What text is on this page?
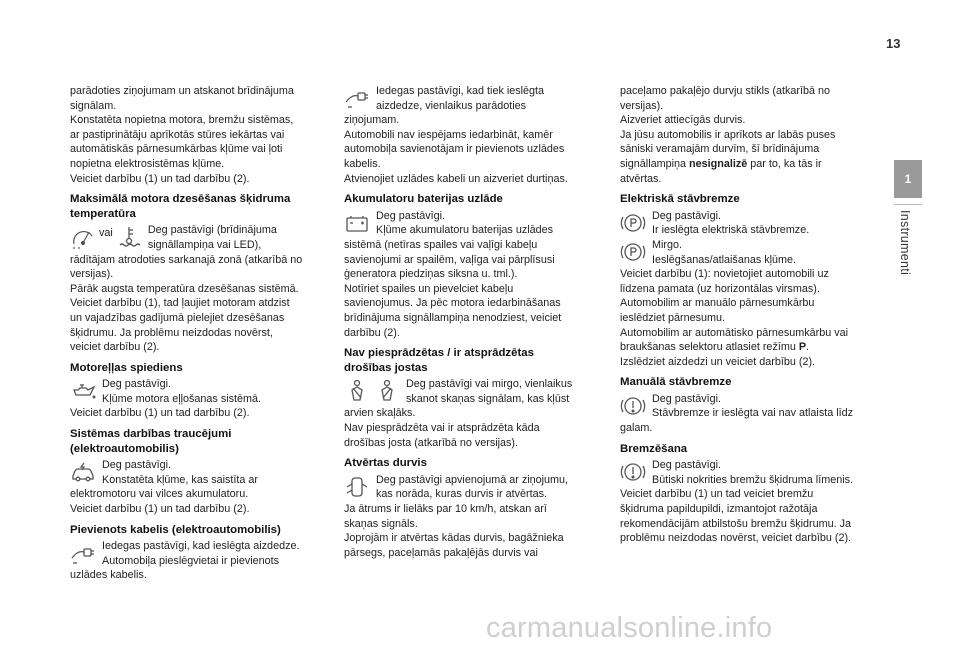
13
1
Instrumenti

parādoties ziņojumam un atskanot brīdinājuma
signālam.
Konstatēta nopietna motora, bremžu sistēmas,
ar pastiprinātāju aprīkotās stūres iekārtas vai
automātiskās pārnesumkārbas kļūme vai ļoti
nopietna elektrosistēmas kļūme.
Veiciet darbību (1) un tad darbību (2).

Maksimālā motora dzesēšanas šķidruma
temperatūra
vai	Deg pastāvīgi (brīdinājuma
signāllampiņa vai LED),

rādītājam atrodoties sarkanajā zonā (atkarībā no
versijas).
Pārāk augsta temperatūra dzesēšanas sistēmā.
Veiciet darbību (1), tad ļaujiet motoram atdzist
un vajadzības gadījumā pielejiet dzesēšanas
šķidrumu. Ja problēmu neizdodas novērst,
veiciet darbību (2).

Motoreļļas spiediens

Deg pastāvīgi.
Kļūme motora eļļošanas sistēmā.

Veiciet darbību (1) un tad darbību (2).

Sistēmas darbības traucējumi
(elektroautomobilis)

Deg pastāvīgi.
Konstatēta kļūme, kas saistīta ar

elektromotoru vai vilces akumulatoru.
Veiciet darbību (1) un tad darbību (2).

Pievienots kabelis (elektroautomobilis)

Iedegas pastāvīgi, kad ieslēgta aizdedze.
Automobiļa pieslēgvietai ir pievienots

uzlādes kabelis.

Iedegas pastāvīgi, kad tiek ieslēgta
aizdedze, vienlaikus parādoties

ziņojumam.
Automobili nav iespējams iedarbināt, kamēr
automobiļa savienotājam ir pievienots uzlādes
kabelis.
Atvienojiet uzlādes kabeli un aizveriet durtiņas.

Akumulatoru baterijas uzlāde

Deg pastāvīgi.
Kļūme akumulatoru baterijas uzlādes

sistēmā (netīras spailes vai vaļīgi kabeļu
savienojumi ar spailēm, vaļīga vai pārplīsusi
ģeneratora piedziņas siksna u. tml.).
Notīriet spailes un pievelciet kabeļu
savienojumus. Ja pēc motora iedarbināšanas
brīdinājuma signāllampiņa nenodziest, veiciet
darbību (2).

Nav piesprādzētas / ir atsprādzētas
drošības jostas

Deg pastāvīgi vai mirgo, vienlaikus
skanot skaņas signālam, kas kļūst

arvien skaļāks.
Nav piesprādzēta vai ir atsprādzēta kāda
drošības josta (atkarībā no versijas).

Atvērtas durvis

Deg pastāvīgi apvienojumā ar ziņojumu,
kas norāda, kuras durvis ir atvērtas.

Ja ātrums ir lielāks par 10 km/h, atskan arī
skaņas signāls.
Joprojām ir atvērtas kādas durvis, bagāžnieka
pārsegs, paceļamās pakaļējās durvis vai

paceļamo pakaļējo durvju stikls (atkarībā no
versijas).
Aizveriet attiecīgās durvis.
Ja jūsu automobilis ir aprīkots ar labās puses
sāniski veramajām durvīm, šī brīdinājuma
signāllampiņa nesignalizē par to, ka tās ir
atvērtas.

Elektriskā stāvbremze

Deg pastāvīgi.
Ir ieslēgta elektriskā stāvbremze.

Mirgo.
Ieslēgšanas/atlaišanas kļūme.

Veiciet darbību (1): novietojiet automobili uz
līdzena pamata (uz horizontālas virsmas).
Automobilim ar manuālo pārnesumkārbu
ieslēdziet pārnesumu.
Automobilim ar automātisko pārnesumkārbu vai
braukšanas selektoru atlasiet režīmu P.
Izslēdziet aizdedzi un veiciet darbību (2).

Manuālā stāvbremze

Deg pastāvīgi.
Stāvbremze ir ieslēgta vai nav atlaista līdz

galam.

Bremzēšana

Deg pastāvīgi.
Būtiski nokrities bremžu šķidruma līmenis.

Veiciet darbību (1) un tad veiciet bremžu
šķidruma papildupildi, izmantojot ražotāja
rekomendācijām atbilstošu bremžu šķidrumu. Ja
problēmu neizdodas novērst, veiciet darbību (2).

carmanualsonline.info
